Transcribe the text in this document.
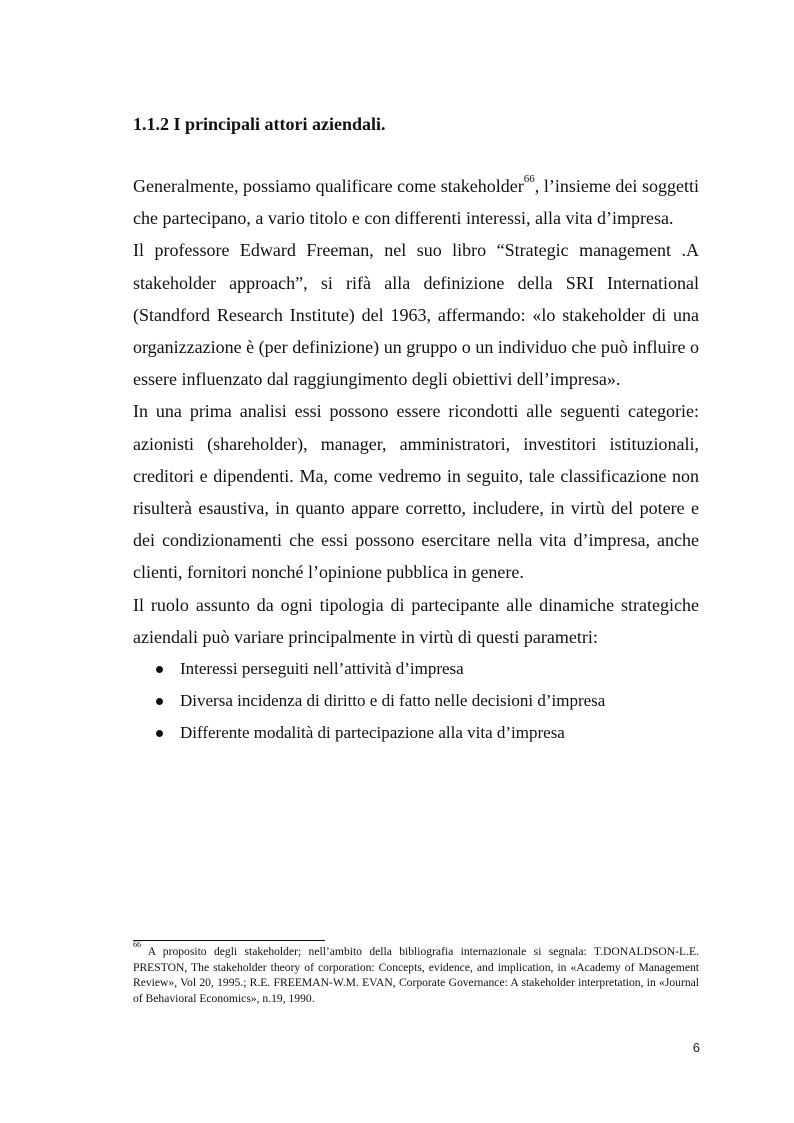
1.1.2 I principali attori aziendali.

Generalmente, possiamo qualificare come stakeholder$^{66}$, l’insieme dei soggetti che partecipano, a vario titolo e con differenti interessi, alla vita d’impresa.

Il professore Edward Freeman, nel suo libro “Strategic management .A stakeholder approach”, si rifà alla definizione della SRI International (Standford Research Institute) del 1963, affermando: «lo stakeholder di una organizzazione è (per definizione) un gruppo o un individuo che può influire o essere influenzato dal raggiungimento degli obiettivi dell’impresa».

In una prima analisi essi possono essere ricondotti alle seguenti categorie: azionisti (shareholder), manager, amministratori, investitori istituzionali, creditori e dipendenti. Ma, come vedremo in seguito, tale classificazione non risulterà esaustiva, in quanto appare corretto, includere, in virtù del potere e dei condizionamenti che essi possono esercitare nella vita d’impresa, anche clienti, fornitori nonché l’opinione pubblica in genere.

Il ruolo assunto da ogni tipologia di partecipante alle dinamiche strategiche aziendali può variare principalmente in virtù di questi parametri:

Interessi perseguiti nell’attività d’impresa
Diversa incidenza di diritto e di fatto nelle decisioni d’impresa
Differente modalità di partecipazione alla vita d’impresa

$^{66}$ A proposito degli stakeholder; nell’ambito della bibliografia internazionale si segnala: T.DONALDSON-L.E. PRESTON, The stakeholder theory of corporation: Concepts, evidence, and implication, in «Academy of Management Review», Vol 20, 1995.; R.E. FREEMAN-W.M. EVAN, Corporate Governance: A stakeholder interpretation, in «Journal of Behavioral Economics», n.19, 1990.

6
